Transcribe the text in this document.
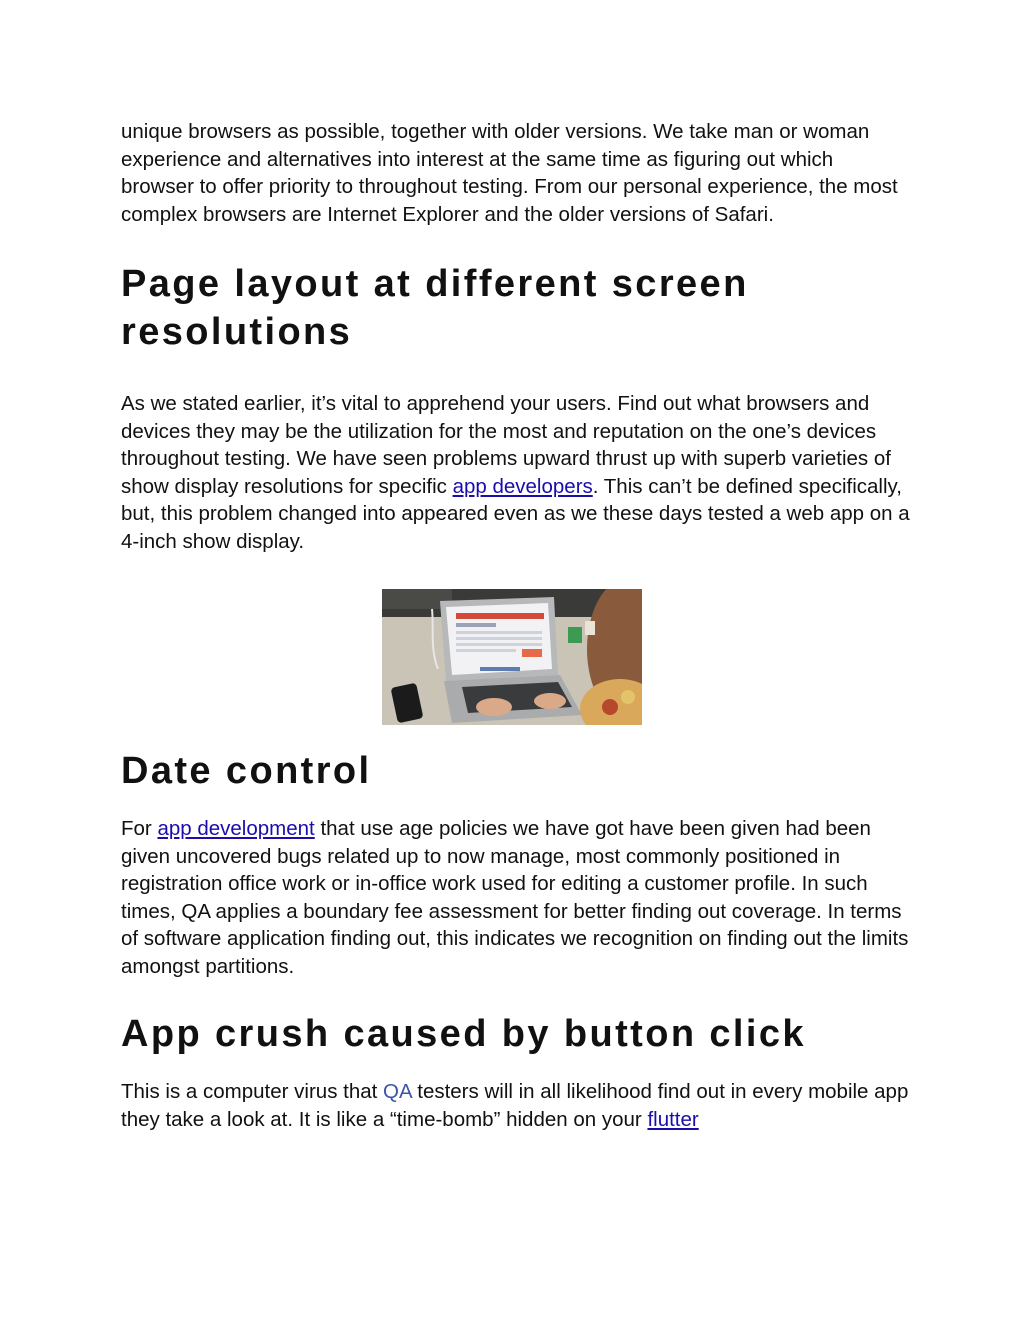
unique browsers as possible, together with older versions. We take man or woman experience and alternatives into interest at the same time as figuring out which browser to offer priority to throughout testing. From our personal experience, the most complex browsers are Internet Explorer and the older versions of Safari.

Page layout at different screen resolutions

As we stated earlier, it’s vital to apprehend your users. Find out what browsers and devices they may be the utilization for the most and reputation on the one’s devices throughout testing. We have seen problems upward thrust up with superb varieties of show display resolutions for specific app developers. This can’t be defined specifically, but, this problem changed into appeared even as we these days tested a web app on a 4-inch show display.

Date control

For app development that use age policies we have got have been given had been given uncovered bugs related up to now manage, most commonly positioned in registration office work or in-office work used for editing a customer profile. In such times, QA applies a boundary fee assessment for better finding out coverage. In terms of software application finding out, this indicates we recognition on finding out the limits amongst partitions.

App crush caused by button click

This is a computer virus that QA testers will in all likelihood find out in every mobile app they take a look at. It is like a “time-bomb” hidden on your flutter
